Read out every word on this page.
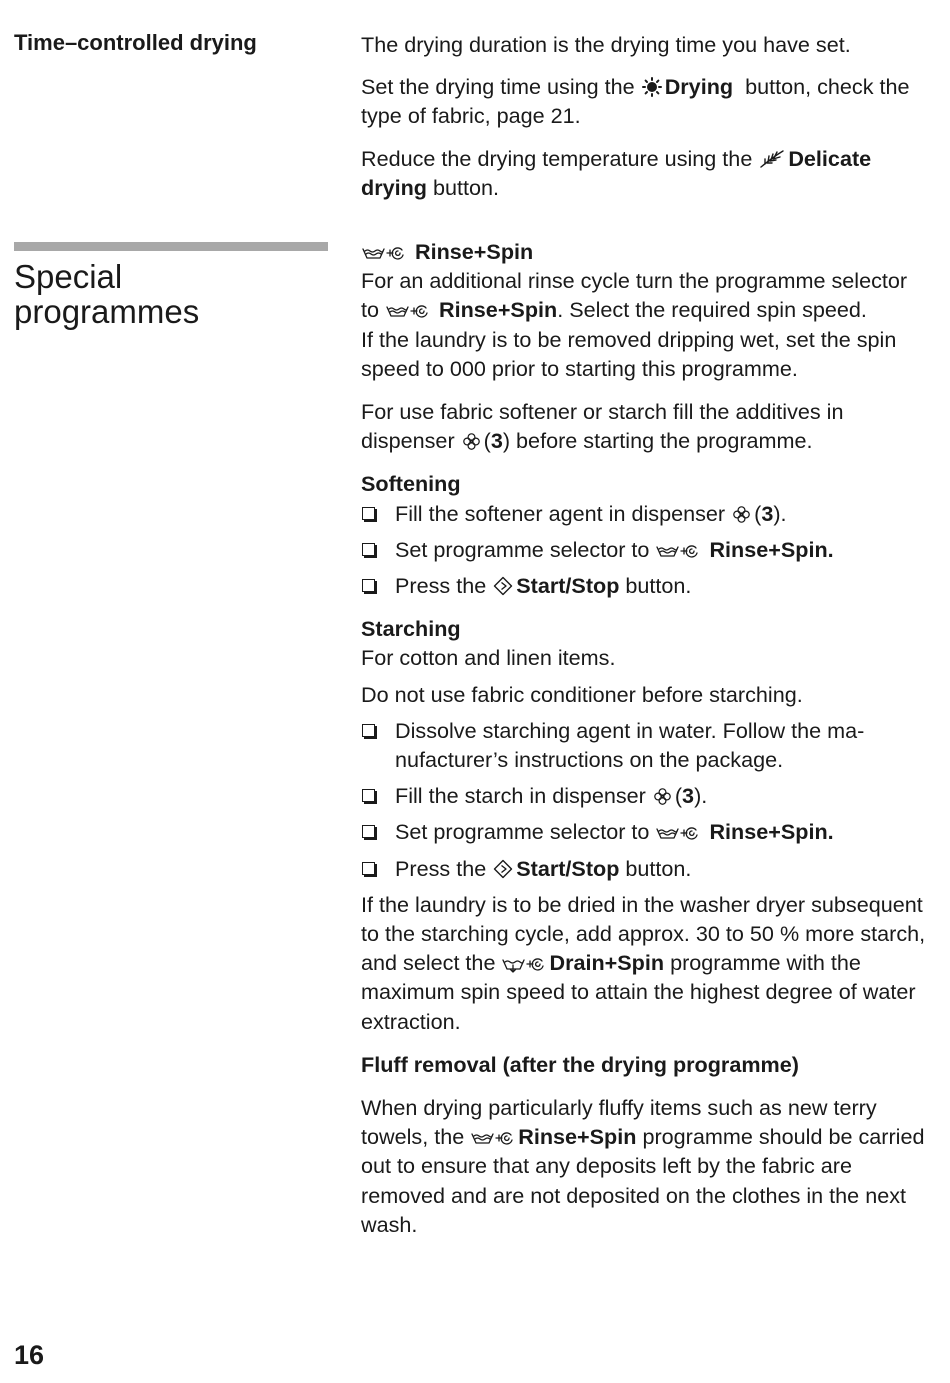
Time–controlled drying
Special
programmes

The drying duration is the drying time you have set.

Set the drying time using the Drying button, check the type of fabric, page 21.

Reduce the drying temperature using the Delicate drying button.

Rinse+Spin

For an additional rinse cycle turn the programme selector to	Rinse+Spin. Select the required spin speed.

If the laundry is to be removed dripping wet, set the spin speed to 000 prior to starting this programme.

For use fabric softener or starch fill the additives in dispenser (3) before starting the programme.

Softening

Fill the softener agent in dispenser (3).
Set programme selector to	Rinse+Spin.
Press the Start/Stop button.

Starching

For cotton and linen items.

Do not use fabric conditioner before starching.

Dissolve starching agent in water. Follow the manufacturer’s instructions on the package.
Fill the starch in dispenser (3).
Set programme selector to	Rinse+Spin.
Press the Start/Stop button.

If the laundry is to be dried in the washer dryer subsequent to the starching cycle, add approx. 30 to 50 % more starch, and select the	Drain+Spin programme with the maximum spin speed to attain the highest degree of water extraction.

Fluff removal (after the drying programme)

When drying particularly fluffy items such as new terry towels, the	Rinse+Spin programme should be carried out to ensure that any deposits left by the fabric are removed and are not deposited on the clothes in the next wash.

16
